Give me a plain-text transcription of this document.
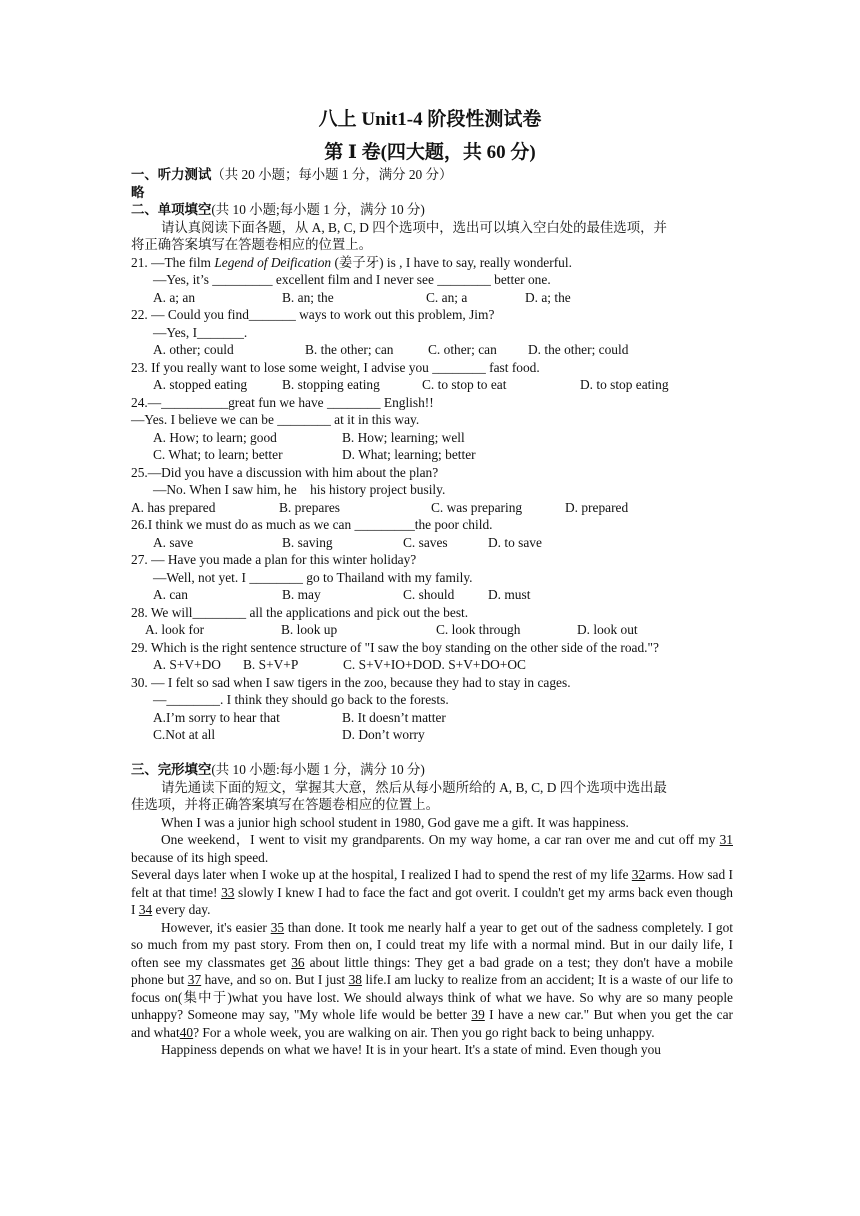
八上 Unit1-4 阶段性测试卷
第 Ⅰ 卷(四大题，共 60 分)
一、听力测试（共 20 小题；每小题 1 分，满分 20 分）
略
二、单项填空(共 10 小题;每小题 1 分，满分 10 分)
请认真阅读下面各题，从 A, B, C, D 四个选项中，选出可以填入空白处的最佳选项，并
将正确答案填写在答题卷相应的位置上。
21. —The film Legend of Deification (姜子牙) is , I have to say, really wonderful.
—Yes, it’s _________ excellent film and I never see ________ better one.
A. a; an	B. an; the	C. an; a	D. a; the
22. — Could you find_______ ways to work out this problem, Jim?
—Yes, I_______.
A. other; could	B. the other; can	C. other; can D. the other; could
23. If you really want to lose some weight, I advise you ________ fast food.
A. stopped eating	B. stopping eating	C. to stop to eat	D. to stop eating
24.—__________great fun we have ________ English!!
—Yes. I believe we can be ________ at it in this way.
A. How; to learn; good	B. How; learning; well
C. What; to learn; better	D. What; learning; better
25.—Did you have a discussion with him about the plan?
—No. When I saw him, he    his history project busily.
A. has prepared	B. prepares	C. was preparing	D. prepared
26.I think we must do as much as we can _________the poor child.
A. save	B. saving	C. saves	D. to save
27. — Have you made a plan for this winter holiday?
—Well, not yet. I ________ go to Thailand with my family.
A. can	B. may	C. should	D. must
28. We will________ all the applications and pick out the best.
A. look for	B. look up	C. look through	D. look out
29. Which is the right sentence structure of "I saw the boy standing on the other side of the road."?
A. S+V+DO B. S+V+P	C. S+V+IO+DOD. S+V+DO+OC
30. — I felt so sad when I saw tigers in the zoo, because they had to stay in cages.
—________. I think they should go back to the forests.
A.I’m sorry to hear that	B. It doesn’t matter
C.Not at all	D. Don’t worry
三、完形填空(共 10 小题:每小题 1 分，满分 10 分)
请先通读下面的短文，掌握其大意，然后从每小题所给的 A, B, C, D 四个选项中选出最
佳选项，并将正确答案填写在答题卷相应的位置上。
When I was a junior high school student in 1980, God gave me a gift. It was happiness.
One weekend，I went to visit my grandparents. On my way home, a car ran over me and cut off my 31 because of its high speed.
Several days later when I woke up at the hospital, I realized I had to spend the rest of my life 32arms. How sad I felt at that time! 33 slowly I knew I had to face the fact and got overit. I couldn't get my arms back even though I 34 every day.
However, it's easier 35 than done. It took me nearly half a year to get out of the sadness completely. I got so much from my past story. From then on, I could treat my life with a normal mind. But in our daily life, I often see my classmates get 36 about little things: They get a bad grade on a test; they don't have a mobile phone but 37 have, and so on. But I just 38 life.I am lucky to realize from an accident; It is a waste of our life to focus on(集中于)what you have lost. We should always think of what we have. So why are so many people unhappy? Someone may say, "My whole life would be better 39 I have a new car." But when you get the car and what40? For a whole week, you are walking on air. Then you go right back to being unhappy.
Happiness depends on what we have! It is in your heart. It's a state of mind. Even though you
